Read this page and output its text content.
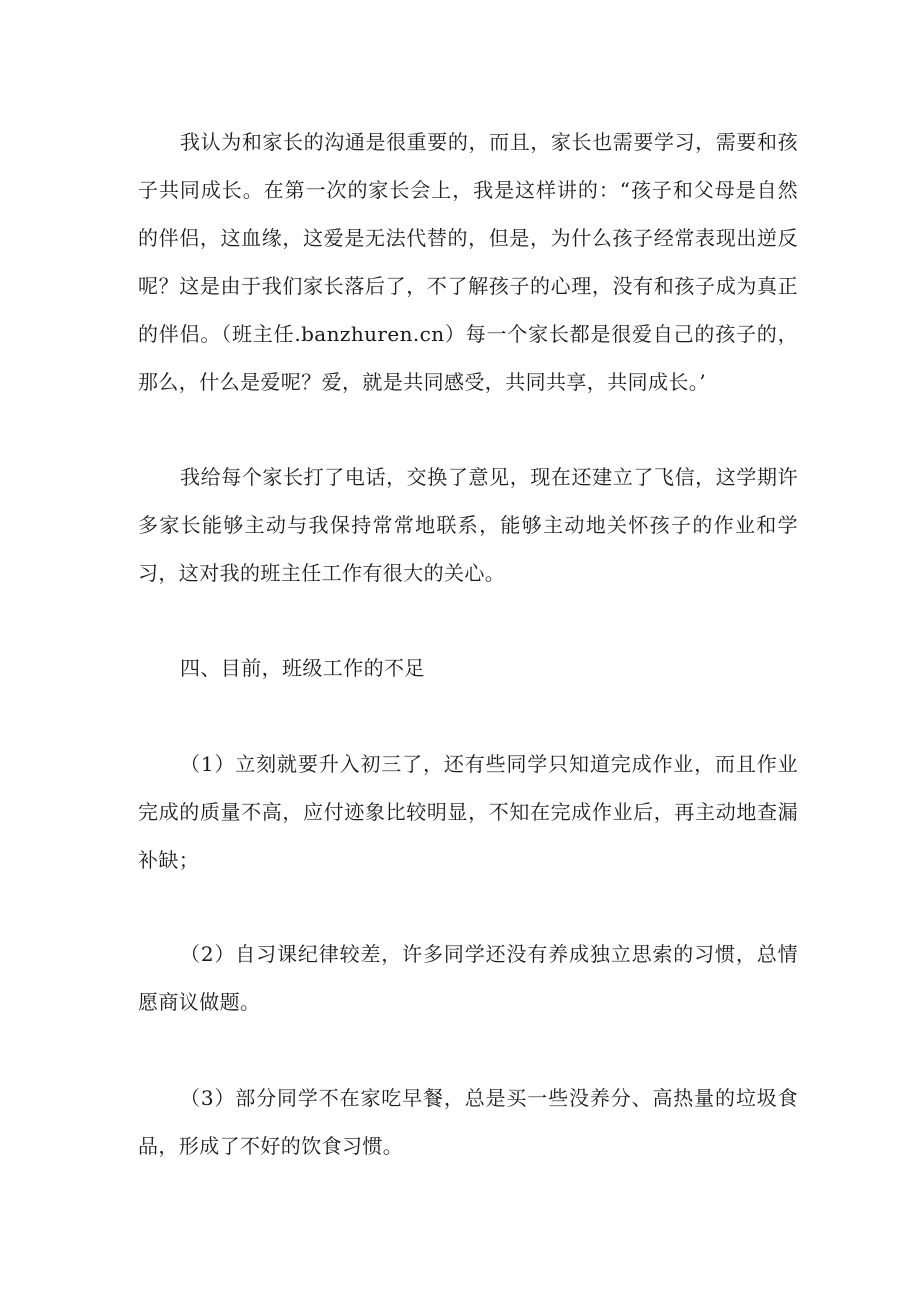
我认为和家长的沟通是很重要的，而且，家长也需要学习，需要和孩子共同成长。在第一次的家长会上，我是这样讲的：“孩子和父母是自然的伴侣，这血缘，这爱是无法代替的，但是，为什么孩子经常表现出逆反呢？这是由于我们家长落后了，不了解孩子的心理，没有和孩子成为真正的伴侣。（班主任.banzhuren.cn）每一个家长都是很爱自己的孩子的，那么，什么是爱呢？爱，就是共同感受，共同共享，共同成长。’

我给每个家长打了电话，交换了意见，现在还建立了飞信，这学期许多家长能够主动与我保持常常地联系，能够主动地关怀孩子的作业和学习，这对我的班主任工作有很大的关心。

四、目前，班级工作的不足

（1）立刻就要升入初三了，还有些同学只知道完成作业，而且作业完成的质量不高，应付迹象比较明显，不知在完成作业后，再主动地查漏补缺；

（2）自习课纪律较差，许多同学还没有养成独立思索的习惯，总情愿商议做题。

（3）部分同学不在家吃早餐，总是买一些没养分、高热量的垃圾食品，形成了不好的饮食习惯。
